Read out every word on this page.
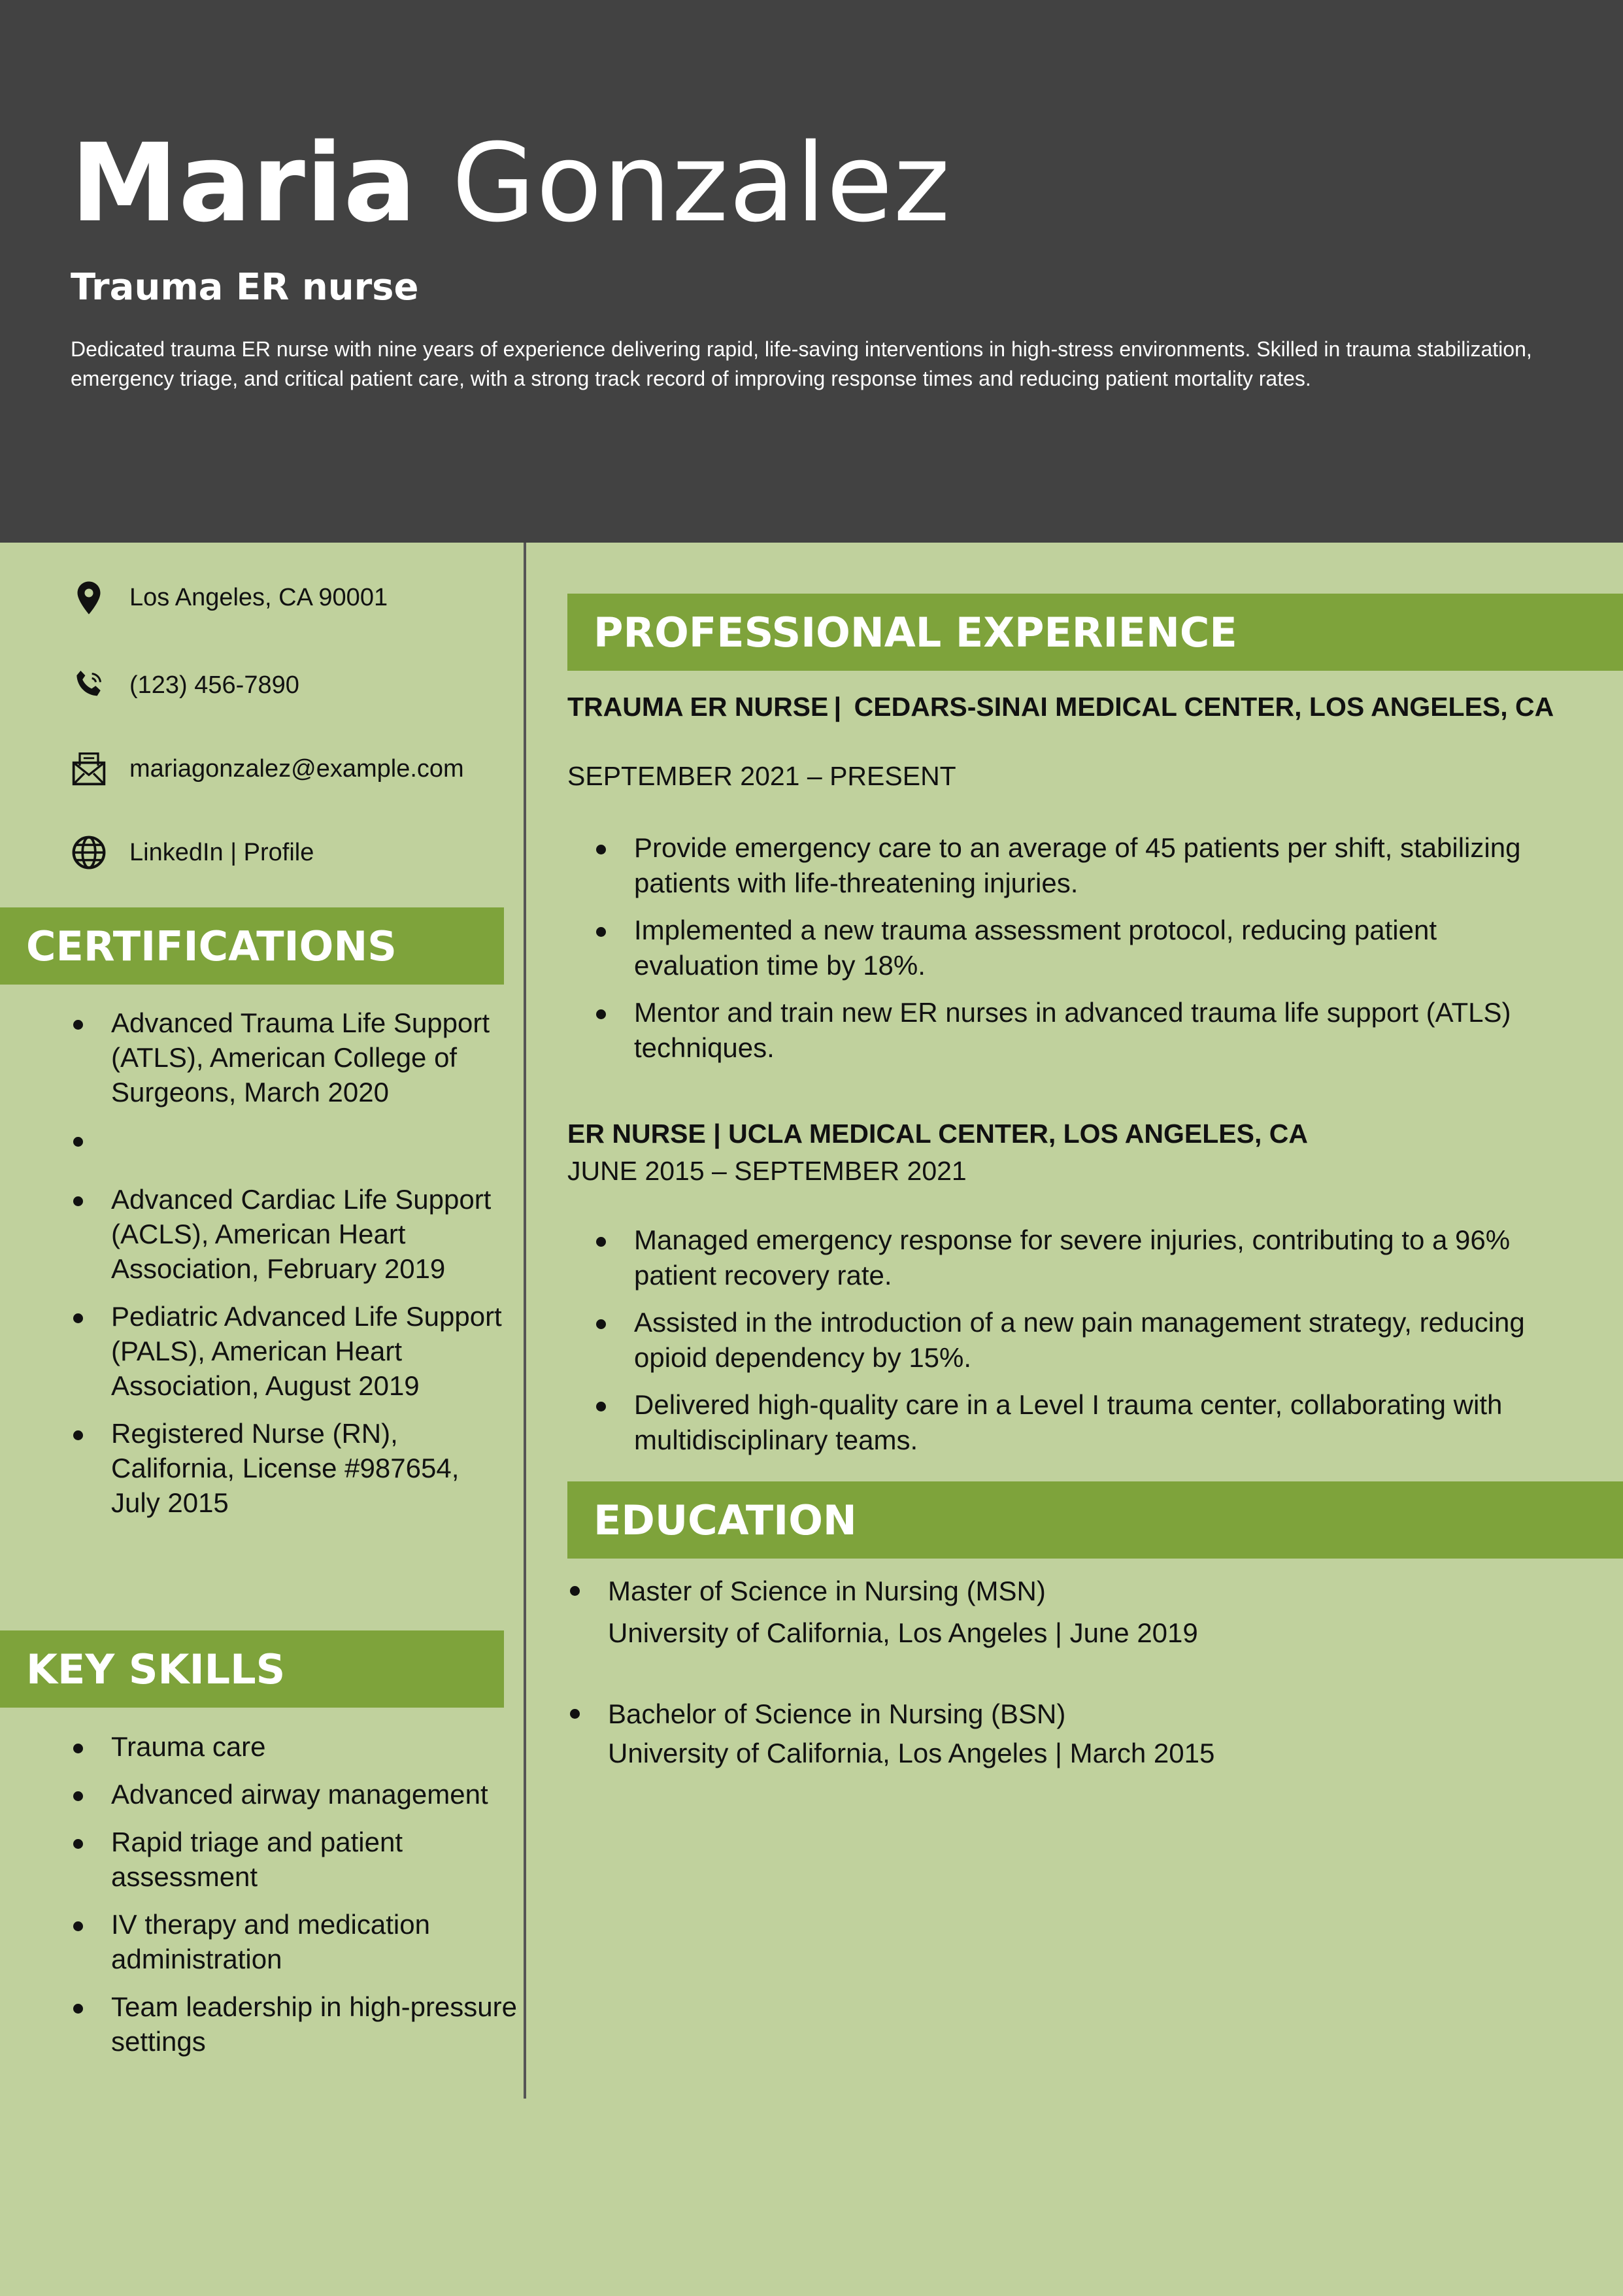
Maria Gonzalez
Trauma ER nurse
Dedicated trauma ER nurse with nine years of experience delivering rapid, life-saving interventions in high-stress environments. Skilled in trauma stabilization, emergency triage, and critical patient care, with a strong track record of improving response times and reducing patient mortality rates.
Los Angeles, CA 90001
(123) 456-7890
mariagonzalez@example.com
LinkedIn | Profile
CERTIFICATIONS
Advanced Trauma Life Support (ATLS), American College of Surgeons, March 2020
Advanced Cardiac Life Support (ACLS), American Heart Association, February 2019
Pediatric Advanced Life Support (PALS), American Heart Association, August 2019
Registered Nurse (RN), California, License #987654, July 2015
KEY SKILLS
Trauma care
Advanced airway management
Rapid triage and patient assessment
IV therapy and medication administration
Team leadership in high-pressure settings
PROFESSIONAL EXPERIENCE
TRAUMA ER NURSE |  CEDARS-SINAI MEDICAL CENTER, LOS ANGELES, CA
SEPTEMBER 2021 – PRESENT
Provide emergency care to an average of 45 patients per shift, stabilizing patients with life-threatening injuries.
Implemented a new trauma assessment protocol, reducing patient evaluation time by 18%.
Mentor and train new ER nurses in advanced trauma life support (ATLS) techniques.
ER NURSE | UCLA MEDICAL CENTER, LOS ANGELES, CA
JUNE 2015 – SEPTEMBER 2021
Managed emergency response for severe injuries, contributing to a 96% patient recovery rate.
Assisted in the introduction of a new pain management strategy, reducing opioid dependency by 15%.
Delivered high-quality care in a Level I trauma center, collaborating with multidisciplinary teams.
EDUCATION
Master of Science in Nursing (MSN)
University of California, Los Angeles | June 2019
Bachelor of Science in Nursing (BSN)
University of California, Los Angeles | March 2015
